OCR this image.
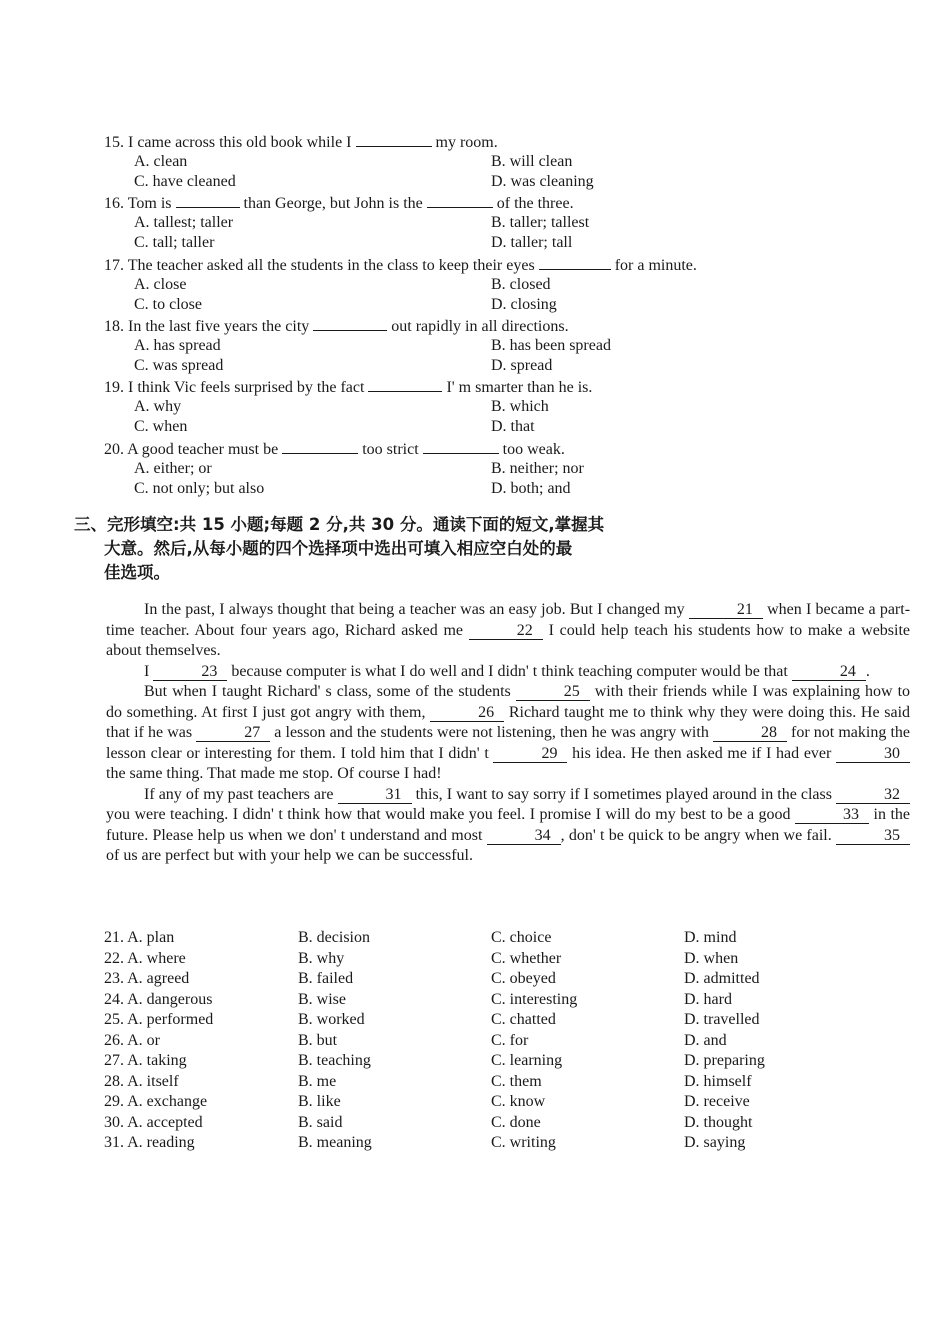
15. I came across this old book while I	my room.
A. clean	B. will clean
C. have cleaned	D. was cleaning
16. Tom is	than George, but John is the	of the three.
A. tallest; taller	B. taller; tallest
C. tall; taller	D. taller; tall
17. The teacher asked all the students in the class to keep their eyes	for a minute.
A. close	B. closed
C. to close	D. closing
18. In the last five years the city	out rapidly in all directions.
A. has spread	B. has been spread
C. was spread	D. spread
19. I think Vic feels surprised by the fact	I' m smarter than he is.
A. why	B. which
C. when	D. that
20. A good teacher must be	too strict	too weak.
A. either; or	B. neither; nor
C. not only; but also	D. both; and
三、完形填空:共 15 小题;每题 2 分,共 30 分。通读下面的短文,掌握其
大意。然后,从每小题的四个选择项中选出可填入相应空白处的最
佳选项。

In the past, I always thought that being a teacher was an easy job. But I changed my	21 when I became a part-time teacher. About four years ago, Richard asked me	22 I could help teach his students how to make a website about themselves.

I	23 because computer is what I do well and I didn' t think teaching computer would be that	24 .

But when I taught Richard' s class, some of the students	25 with their friends while I was explaining how to do something. At first I just got angry with them,	26 Richard taught me to think why they were doing this. He said that if he was	27 a lesson and the students were not listening, then he was angry with	28 for not making the lesson clear or interesting for them. I told him that I didn' t	29 his idea. He then asked me if I had ever	30 the same thing. That made me stop. Of course I had!

If any of my past teachers are	31 this, I want to say sorry if I sometimes played around in the class	32 you were teaching. I didn' t think how that would make you feel. I promise I will do my best to be a good	33 in the future. Please help us when we don' t understand and most	34 , don' t be quick to be angry when we fail.	35 of us are perfect but with your help we can be successful.

21. A. plan	B. decision	C. choice	D. mind
22. A. where	B. why	C. whether	D. when
23. A. agreed	B. failed	C. obeyed	D. admitted
24. A. dangerous	B. wise	C. interesting	D. hard
25. A. performed	B. worked	C. chatted	D. travelled
26. A. or	B. but	C. for	D. and
27. A. taking	B. teaching	C. learning	D. preparing
28. A. itself	B. me	C. them	D. himself
29. A. exchange	B. like	C. know	D. receive
30. A. accepted	B. said	C. done	D. thought
31. A. reading	B. meaning	C. writing	D. saying
